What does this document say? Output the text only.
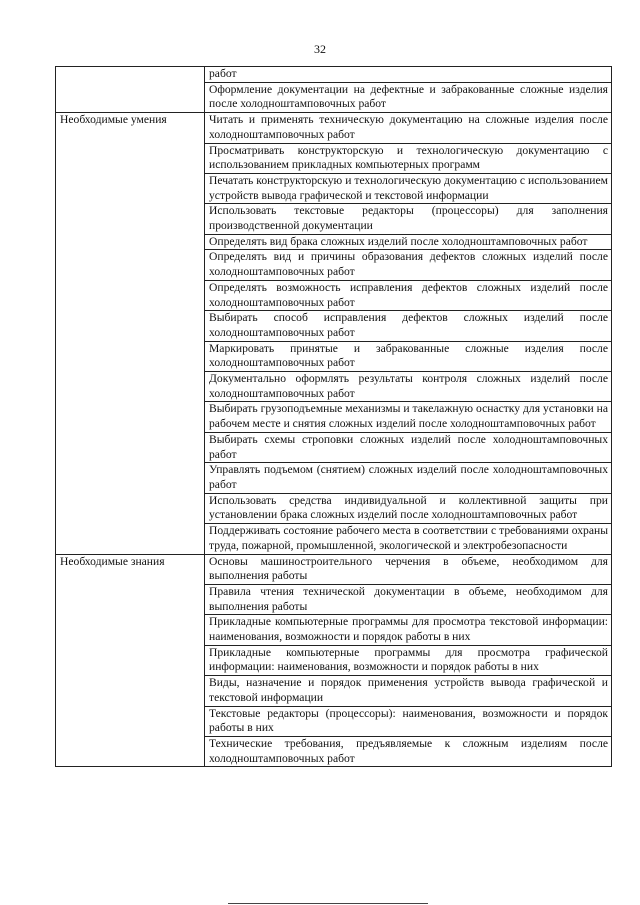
32
	работ
	Оформление документации на дефектные и забракованные сложные изделия после холодноштамповочных работ
Необходимые умения	Читать и применять техническую документацию на сложные изделия после холодноштамповочных работ
	Просматривать конструкторскую и технологическую документацию с использованием прикладных компьютерных программ
	Печатать конструкторскую и технологическую документацию с использованием устройств вывода графической и текстовой информации
	Использовать текстовые редакторы (процессоры) для заполнения производственной документации
	Определять вид брака сложных изделий после холодноштамповочных работ
	Определять вид и причины образования дефектов сложных изделий после холодноштамповочных работ
	Определять возможность исправления дефектов сложных изделий после холодноштамповочных работ
	Выбирать способ исправления дефектов сложных изделий после холодноштамповочных работ
	Маркировать принятые и забракованные сложные изделия после холодноштамповочных работ
	Документально оформлять результаты контроля сложных изделий после холодноштамповочных работ
	Выбирать грузоподъемные механизмы и такелажную оснастку для установки на рабочем месте и снятия сложных изделий после холодноштамповочных работ
	Выбирать схемы строповки сложных изделий после холодноштамповочных работ
	Управлять подъемом (снятием) сложных изделий после холодноштамповочных работ
	Использовать средства индивидуальной и коллективной защиты при установлении брака сложных изделий после холодноштамповочных работ
	Поддерживать состояние рабочего места в соответствии с требованиями охраны труда, пожарной, промышленной, экологической и электробезопасности
Необходимые знания	Основы машиностроительного черчения в объеме, необходимом для выполнения работы
	Правила чтения технической документации в объеме, необходимом для выполнения работы
	Прикладные компьютерные программы для просмотра текстовой информации: наименования, возможности и порядок работы в них
	Прикладные компьютерные программы для просмотра графической информации: наименования, возможности и порядок работы в них
	Виды, назначение и порядок применения устройств вывода графической и текстовой информации
	Текстовые редакторы (процессоры): наименования, возможности и порядок работы в них
	Технические требования, предъявляемые к сложным изделиям после холодноштамповочных работ
